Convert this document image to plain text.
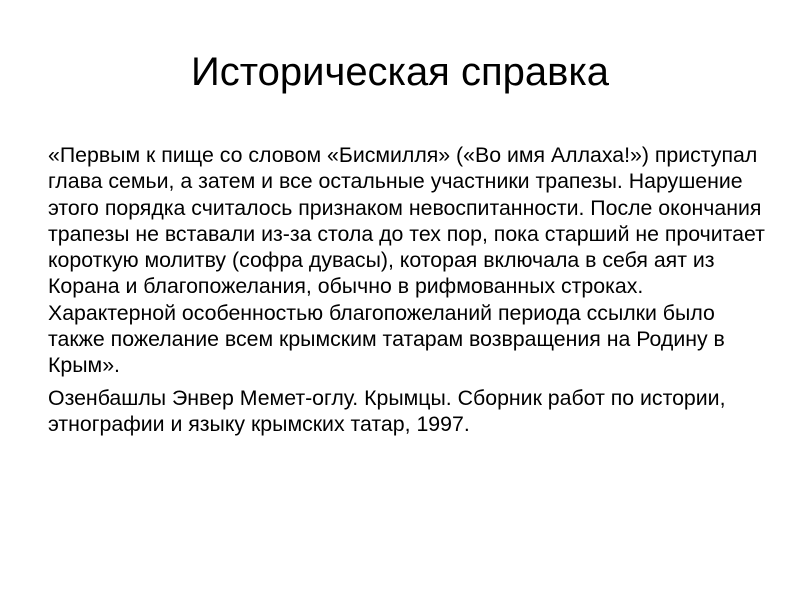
Историческая справка

«Первым к пище со словом «Бисмилля» («Во имя Аллаха!») приступал глава семьи, а затем и все остальные участники трапезы. Нарушение этого порядка считалось признаком невоспитанности. После окончания трапезы не вставали из-за стола до тех пор, пока старший не прочитает короткую молитву (софра дувасы), которая включала в себя аят из Корана и благопожелания, обычно в рифмованных строках. Характерной особенностью благопожеланий периода ссылки было также пожелание всем крымским татарам возвращения на Родину в Крым».

Озенбашлы Энвер Мемет-оглу. Крымцы. Сборник работ по истории, этнографии и языку крымских татар, 1997.
